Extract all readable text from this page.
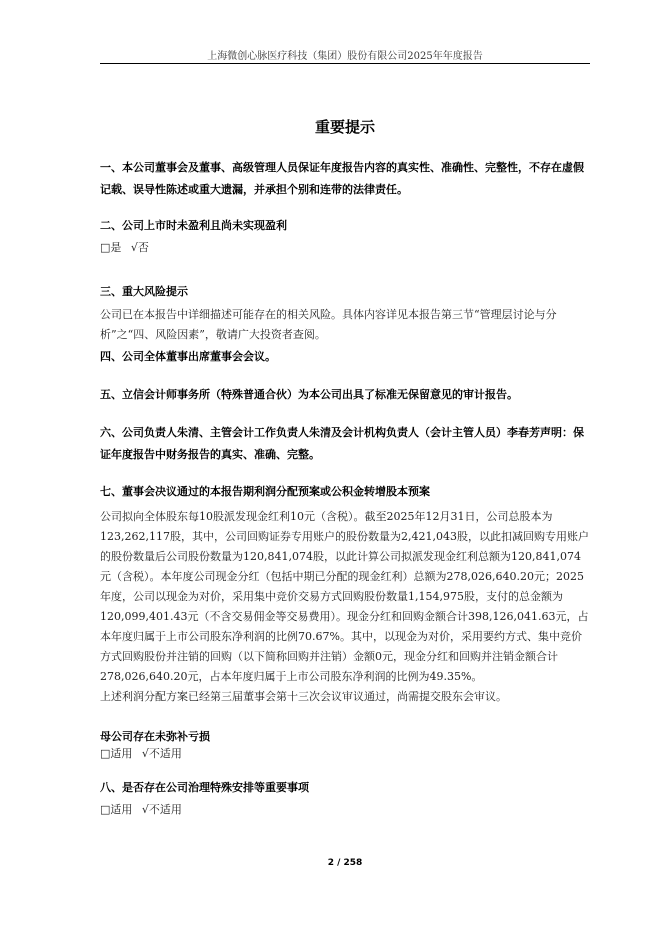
上海微创心脉医疗科技（集团）股份有限公司2025年年度报告
重要提示
一、本公司董事会及董事、高级管理人员保证年度报告内容的真实性、准确性、完整性，不存在虚假记载、误导性陈述或重大遗漏，并承担个别和连带的法律责任。
二、公司上市时未盈利且尚未实现盈利
□是 √否
三、重大风险提示
公司已在本报告中详细描述可能存在的相关风险。具体内容详见本报告第三节“管理层讨论与分析”之“四、风险因素”，敬请广大投资者查阅。
四、公司全体董事出席董事会会议。
五、立信会计师事务所（特殊普通合伙）为本公司出具了标准无保留意见的审计报告。
六、公司负责人朱清、主管会计工作负责人朱清及会计机构负责人（会计主管人员）李春芳声明：保证年度报告中财务报告的真实、准确、完整。
七、董事会决议通过的本报告期利润分配预案或公积金转增股本预案
公司拟向全体股东每10股派发现金红利10元（含税）。截至2025年12月31日，公司总股本为123,262,117股，其中，公司回购证券专用账户的股份数量为2,421,043股，以此扣减回购专用账户的股份数量后公司股份数量为120,841,074股，以此计算公司拟派发现金红利总额为120,841,074元（含税）。本年度公司现金分红（包括中期已分配的现金红利）总额为278,026,640.20元；2025年度，公司以现金为对价，采用集中竞价交易方式回购股份数量1,154,975股，支付的总金额为120,099,401.43元（不含交易佣金等交易费用）。现金分红和回购金额合计398,126,041.63元，占本年度归属于上市公司股东净利润的比例70.67%。其中，以现金为对价，采用要约方式、集中竞价方式回购股份并注销的回购（以下简称回购并注销）金额0元，现金分红和回购并注销金额合计278,026,640.20元，占本年度归属于上市公司股东净利润的比例为49.35%。
上述利润分配方案已经第三届董事会第十三次会议审议通过，尚需提交股东会审议。
母公司存在未弥补亏损
□适用 √不适用
八、是否存在公司治理特殊安排等重要事项
□适用 √不适用
2 / 258
